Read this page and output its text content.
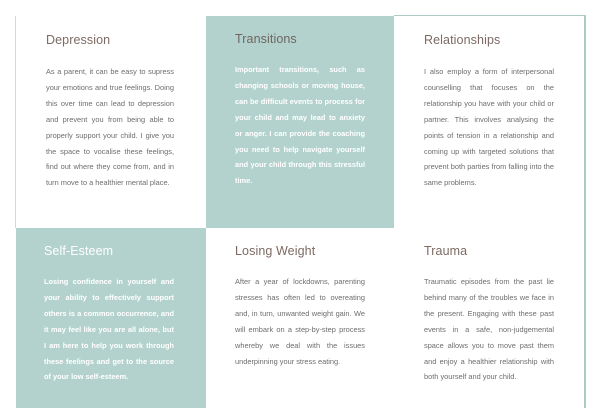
Depression
As a parent, it can be easy to supress your emotions and true feelings. Doing this over time can lead to depression and prevent you from being able to properly support your child. I give you the space to vocalise these feelings, find out where they come from, and in turn move to a healthier mental place.
Transitions
Important transitions, such as changing schools or moving house, can be difficult events to process for your child and may lead to anxiety or anger. I can provide the coaching you need to help navigate yourself and your child through this stressful time.
Relationships
I also employ a form of interpersonal counselling that focuses on the relationship you have with your child or partner. This involves analysing the points of tension in a relationship and coming up with targeted solutions that prevent both parties from falling into the same problems.
Self-Esteem
Losing confidence in yourself and your ability to effectively support others is a common occurrence, and it may feel like you are all alone, but I am here to help you work through these feelings and get to the source of your low self-esteem.
Losing Weight
After a year of lockdowns, parenting stresses has often led to overeating and, in turn, unwanted weight gain. We will embark on a step-by-step process whereby we deal with the issues underpinning your stress eating.
Trauma
Traumatic episodes from the past lie behind many of the troubles we face in the present. Engaging with these past events in a safe, non-judgemental space allows you to move past them and enjoy a healthier relationship with both yourself and your child.
